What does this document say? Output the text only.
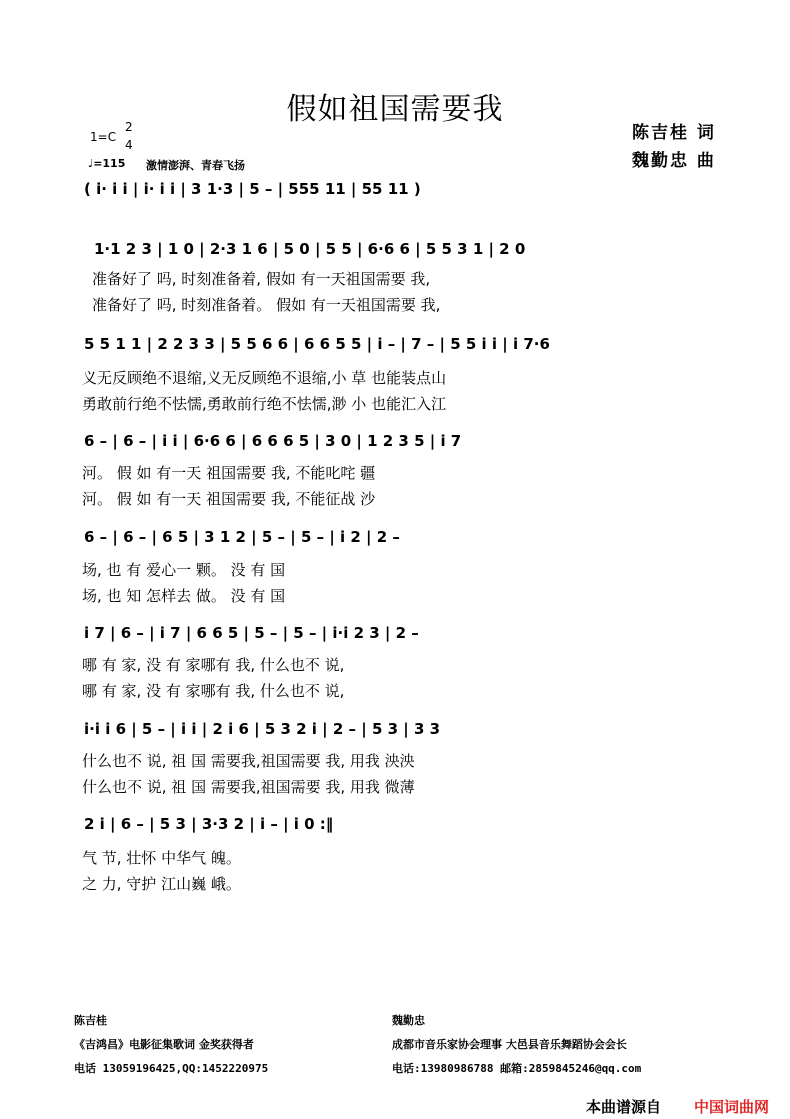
假如祖国需要我
陈吉桂 词
魏勤忠 曲
1=C
2
4
♩=115 激情澎湃、青春飞扬
( i· i i | i· i i | 3 1·3 | 5 – | 555 11 | 55 11 )
1·1 2 3 | 1 0 | 2·3 1 6 | 5 0 | 5 5 | 6·6 6 | 5 5 3 1 | 2 0
准备好了 吗, 时刻准备着, 假如 有一天祖国需要 我,
准备好了 吗, 时刻准备着。 假如 有一天祖国需要 我,
5 5 1 1 | 2 2 3 3 | 5 5 6 6 | 6 6 5 5 | i – | 7 – | 5 5 i i | i 7·6
义无反顾绝不退缩,义无反顾绝不退缩,小 草 也能装点山
勇敢前行绝不怯懦,勇敢前行绝不怯懦,渺 小 也能汇入江
6 – | 6 – | i i | 6·6 6 | 6 6 6 5 | 3 0 | 1 2 3 5 | i 7
河。 假 如 有一天 祖国需要 我, 不能叱咤 疆
河。 假 如 有一天 祖国需要 我, 不能征战 沙
6 – | 6 – | 6 5 | 3 1 2 | 5 – | 5 – | i 2 | 2 –
场, 也 有 爱心一 颗。 没 有 国
场, 也 知 怎样去 做。 没 有 国
i 7 | 6 – | i 7 | 6 6 5 | 5 – | 5 – | i·i 2 3 | 2 –
哪 有 家, 没 有 家哪有 我, 什么也不 说,
哪 有 家, 没 有 家哪有 我, 什么也不 说,
i·i i 6 | 5 – | i i | 2 i 6 | 5 3 2 i | 2 – | 5 3 | 3 3
什么也不 说, 祖 国 需要我,祖国需要 我, 用我 泱泱
什么也不 说, 祖 国 需要我,祖国需要 我, 用我 微薄
2 i | 6 – | 5 3 | 3·3 2 | i – | i 0 :‖
气 节, 壮怀 中华气 魄。
之 力, 守护 江山巍 峨。
陈吉桂
《吉鸿昌》电影征集歌词 金奖获得者
电话 13059196425,QQ:1452220975
魏勤忠
成都市音乐家协会理事 大邑县音乐舞蹈协会会长
电话:13980986788 邮箱:2859845246@qq.com
本曲谱源自 中国词曲网
